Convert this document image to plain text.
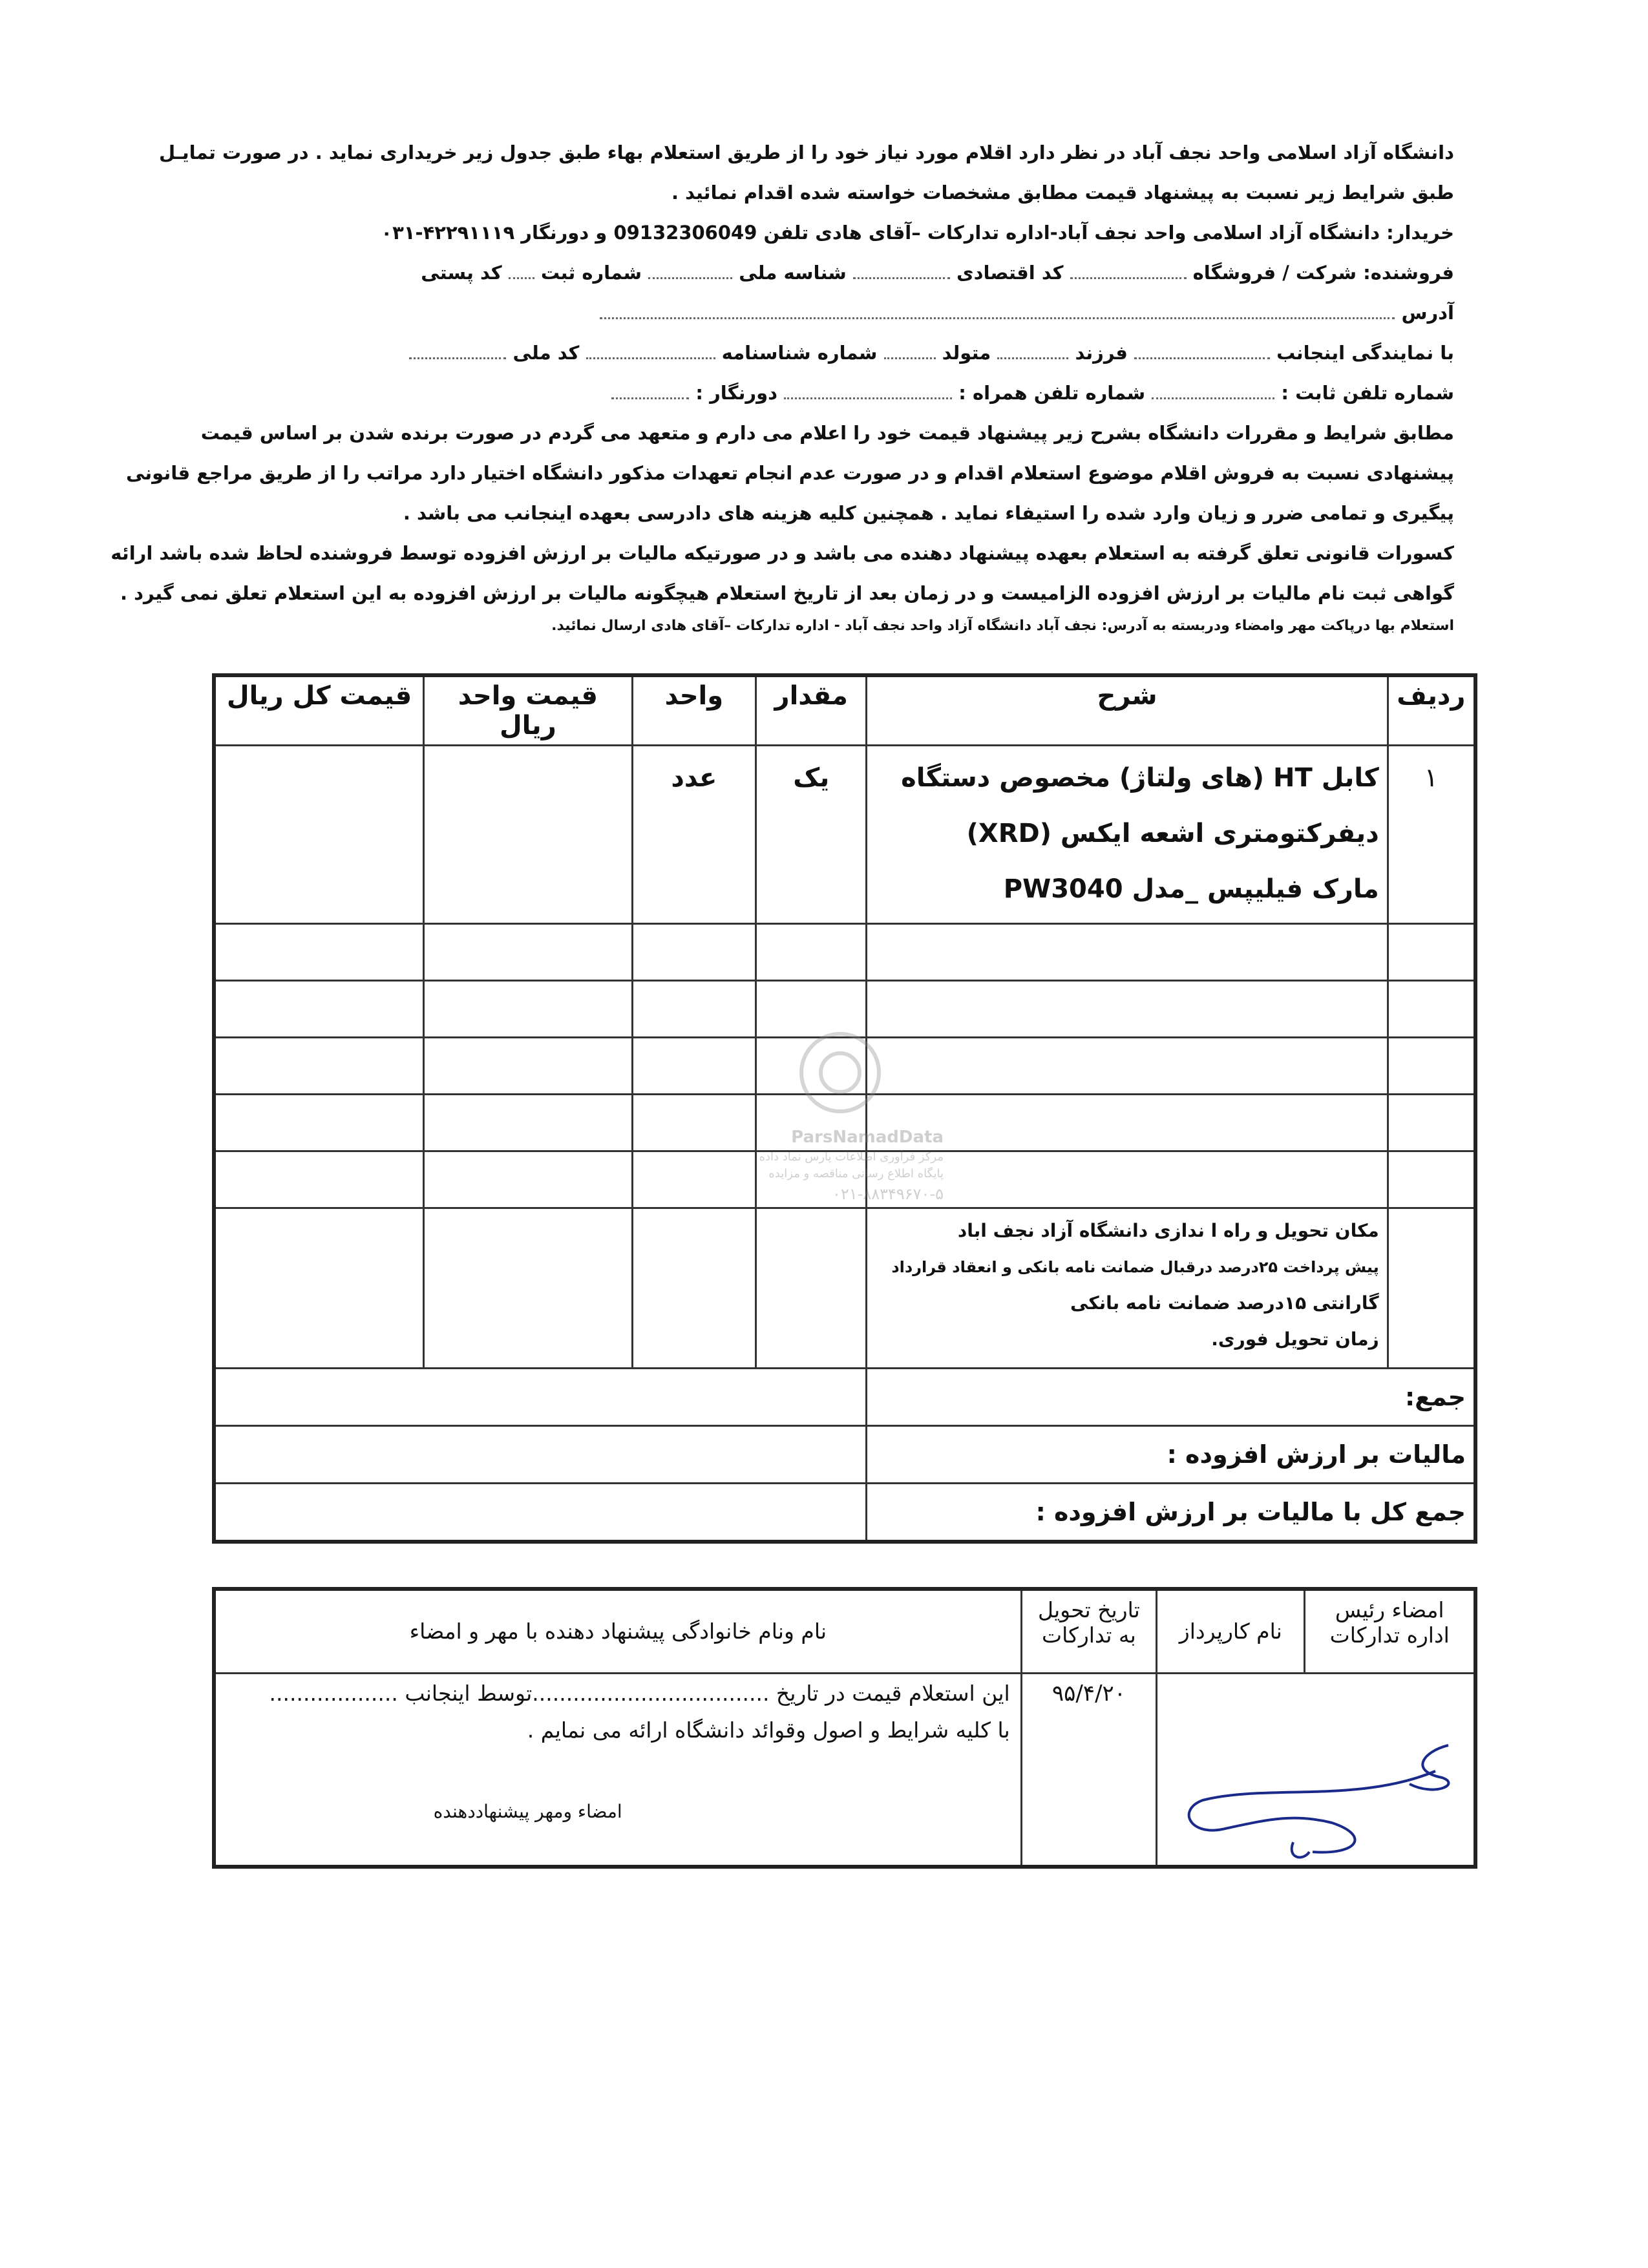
دانشگاه آزاد اسلامی واحد نجف آباد در نظر دارد اقلام مورد نیاز خود را از طریق استعلام بهاء طبق جدول زیر خریداری نماید . در صورت تمایـل

طبق شرایط زیر نسبت به پیشنهاد قیمت مطابق مشخصات خواسته شده اقدام نمائید .

خریدار: دانشگاه آزاد اسلامی واحد نجف آباد-اداره تدارکات –آقای هادی تلفن 09132306049 و دورنگار ۴۲۲۹۱۱۱۹-۰۳۱

فروشنده: شرکت / فروشگاه  کد اقتصادی  شناسه ملی  شماره ثبت  کد پستی

آدرس

با نمایندگی اینجانب  فرزند  متولد  شماره شناسنامه  کد ملی

شماره تلفن ثابت :  شماره تلفن همراه :  دورنگار :

مطابق شرایط و مقررات دانشگاه بشرح زیر پیشنهاد قیمت خود را اعلام می دارم و متعهد می گردم در صورت برنده شدن بر اساس قیمت

پیشنهادی نسبت به فروش اقلام موضوع استعلام اقدام و در صورت عدم انجام تعهدات مذکور دانشگاه اختیار دارد مراتب را از طریق مراجع قانونی

پیگیری و تمامی ضرر و زیان وارد شده را استیفاء نماید . همچنین کلیه هزینه های دادرسی بعهده اینجانب می باشد .

کسورات قانونی تعلق گرفته به استعلام بعهده پیشنهاد دهنده می باشد و در صورتیکه مالیات بر ارزش افزوده توسط فروشنده لحاظ شده باشد ارائه

گواهی ثبت نام مالیات بر ارزش افزوده الزامیست و در زمان بعد از تاریخ استعلام هیچگونه مالیات بر ارزش افزوده به این استعلام تعلق نمی گیرد .

استعلام بها درپاکت مهر وامضاء ودربسته به آدرس: نجف آباد دانشگاه آزاد واحد نجف آباد - اداره تدارکات –آقای هادی ارسال نمائید.

ردیف	شرح	مقدار	واحد	قیمت واحد ریال	قیمت کل ریال
۱	کابل HT (های ولتاژ) مخصوص دستگاه
دیفرکتومتری اشعه ایکس (XRD)
مارک فیلیپس _مدل PW3040	یک	عدد		

	مکان تحویل و راه ا ندازی دانشگاه آزاد نجف اباد
پیش پرداخت ۲۵درصد درقبال ضمانت نامه بانکی و انعقاد قرارداد
گارانتی ۱۵درصد ضمانت نامه بانکی
زمان تحویل فوری.				

جمع:					
مالیات بر ارزش افزوده :					
جمع کل با مالیات بر ارزش افزوده :					
امضاء رئیس اداره تدارکات	نام کارپرداز	تاریخ تحویل به تدارکات	نام ونام خانوادگی پیشنهاد دهنده با مهر و امضاء

	۹۵/۴/۲۰	این استعلام قیمت در تاریخ ...................................توسط اینجانب ...................
با کلیه شرایط و اصول وقوائد دانشگاه ارائه می نمایم .
امضاء ومهر پیشنهاددهنده
ParsNamadData
مرکز فرآوری اطلاعات پارس نماد داده
پایگاه اطلاع رسانی مناقصه و مزایده
۰۲۱-۸۸۳۴۹۶۷۰-۵
